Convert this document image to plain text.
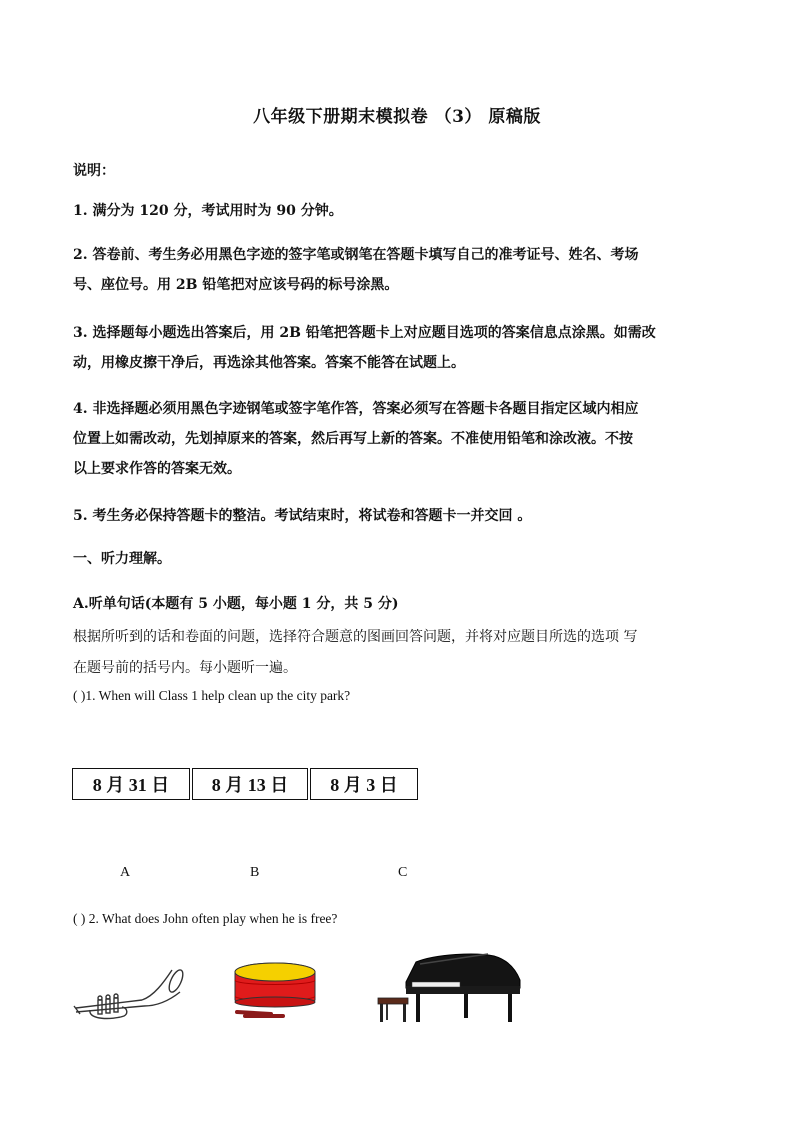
八年级下册期末模拟卷 （3） 原稿版
说明：
1. 满分为 120 分，考试用时为 90 分钟。
2. 答卷前、考生务必用黑色字迹的签字笔或钢笔在答题卡填写自己的准考证号、姓名、考场
号、座位号。用 2B 铅笔把对应该号码的标号涂黑。
3. 选择题每小题选出答案后，用 2B 铅笔把答题卡上对应题目选项的答案信息点涂黑。如需改
动，用橡皮擦干净后，再选涂其他答案。答案不能答在试题上。
4. 非选择题必须用黑色字迹钢笔或签字笔作答，答案必须写在答题卡各题目指定区域内相应
位置上如需改动，先划掉原来的答案，然后再写上新的答案。不准使用铅笔和涂改液。不按
以上要求作答的答案无效。
5. 考生务必保持答题卡的整洁。考试结束时，将试卷和答题卡一并交回 。
一、听力理解。
A.听单句话(本题有 5 小题，每小题 1 分，共 5 分)
根据所听到的话和卷面的问题，选择符合题意的图画回答问题，并将对应题目所选的选项 写
在题号前的括号内。每小题听一遍。
( )1. When will Class 1 help clean up the city park?
8 月 31 日	8 月 13 日	8 月 3 日
A	B	C
( ) 2. What does John often play when he is free?
